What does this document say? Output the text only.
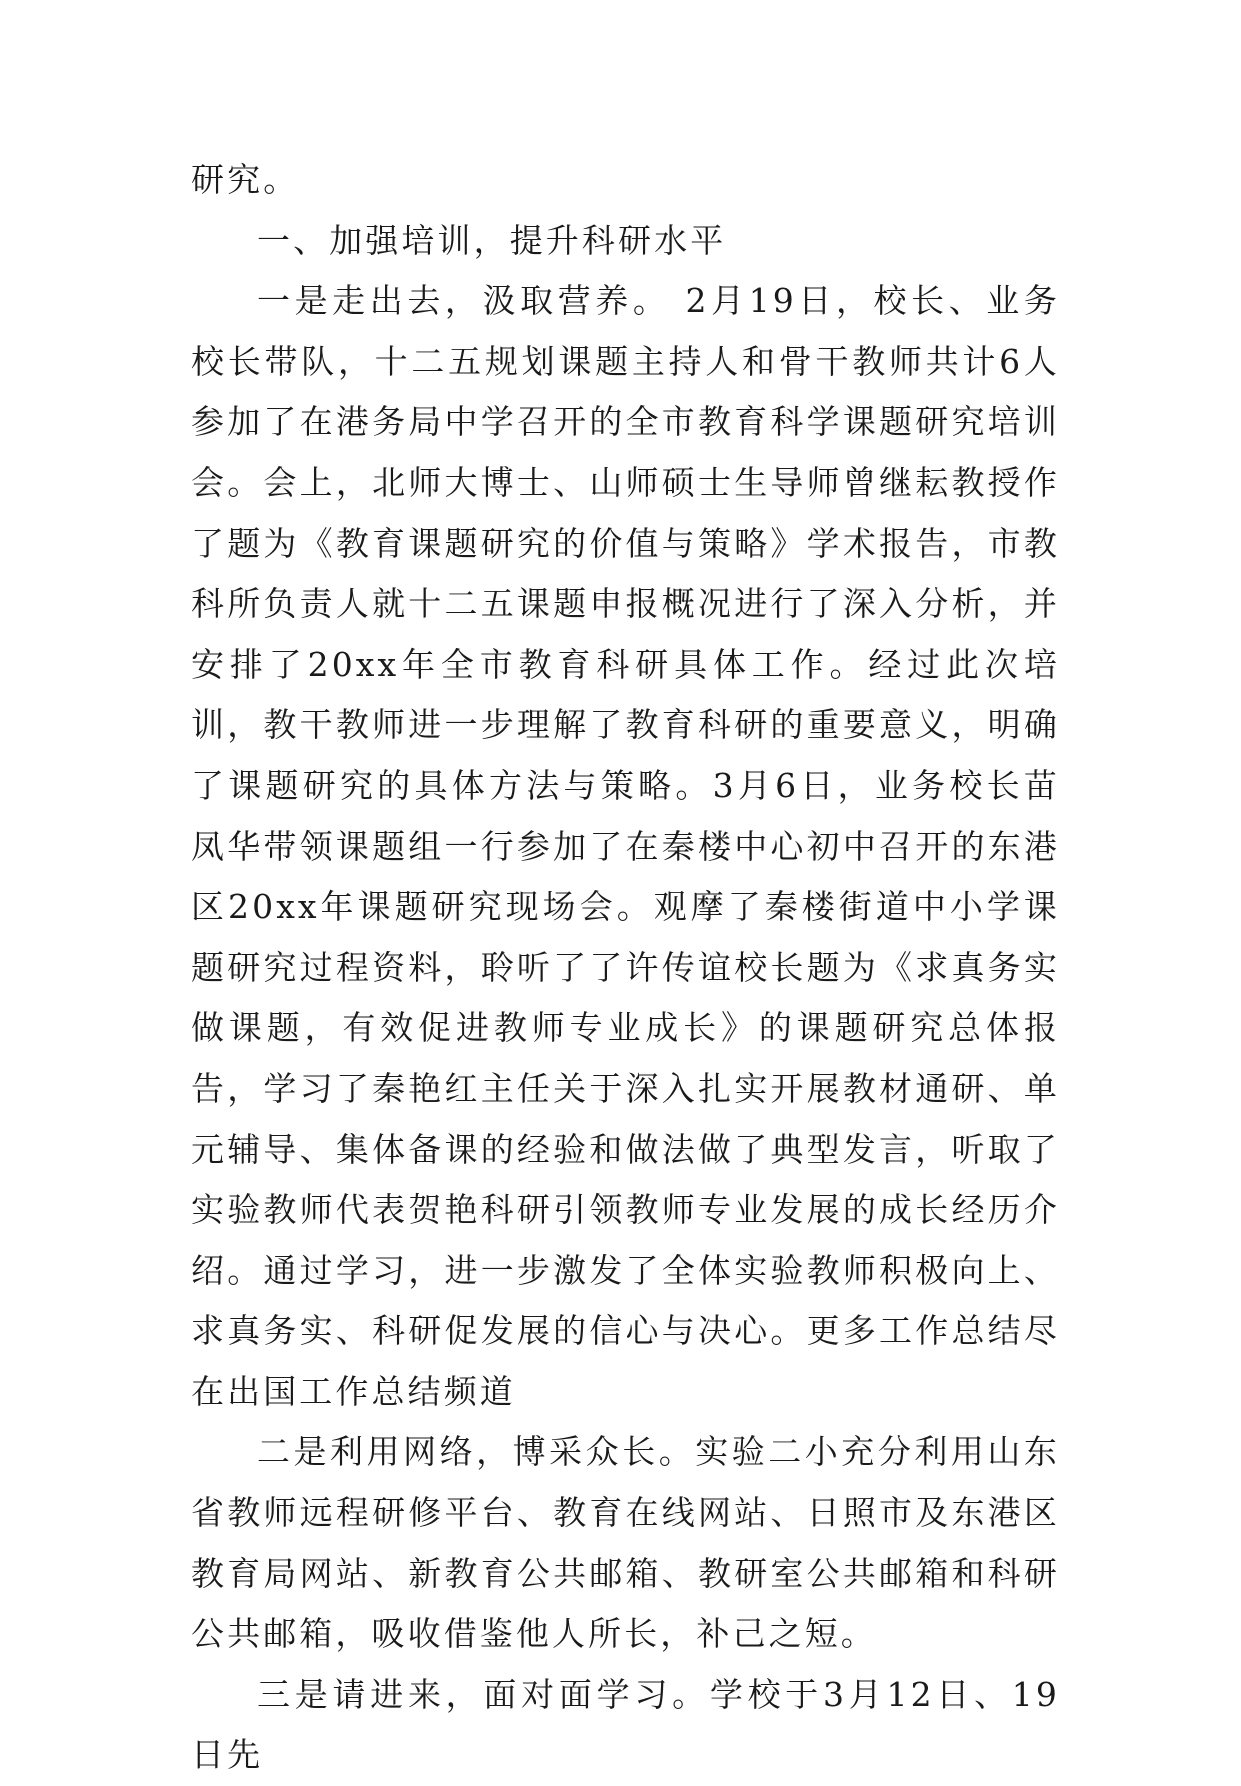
研究。

一、加强培训，提升科研水平

一是走出去，汲取营养。 2月19日，校长、业务校长带队，十二五规划课题主持人和骨干教师共计6人参加了在港务局中学召开的全市教育科学课题研究培训会。会上，北师大博士、山师硕士生导师曾继耘教授作了题为《教育课题研究的价值与策略》学术报告，市教科所负责人就十二五课题申报概况进行了深入分析，并安排了20xx年全市教育科研具体工作。经过此次培训，教干教师进一步理解了教育科研的重要意义，明确了课题研究的具体方法与策略。3月6日，业务校长苗凤华带领课题组一行参加了在秦楼中心初中召开的东港区20xx年课题研究现场会。观摩了秦楼街道中小学课题研究过程资料，聆听了了许传谊校长题为《求真务实做课题，有效促进教师专业成长》的课题研究总体报告，学习了秦艳红主任关于深入扎实开展教材通研、单元辅导、集体备课的经验和做法做了典型发言，听取了实验教师代表贺艳科研引领教师专业发展的成长经历介绍。通过学习，进一步激发了全体实验教师积极向上、求真务实、科研促发展的信心与决心。更多工作总结尽在出国工作总结频道

二是利用网络，博采众长。实验二小充分利用山东省教师远程研修平台、教育在线网站、日照市及东港区教育局网站、新教育公共邮箱、教研室公共邮箱和科研公共邮箱，吸收借鉴他人所长，补己之短。

三是请进来，面对面学习。学校于3月12日、19日先
